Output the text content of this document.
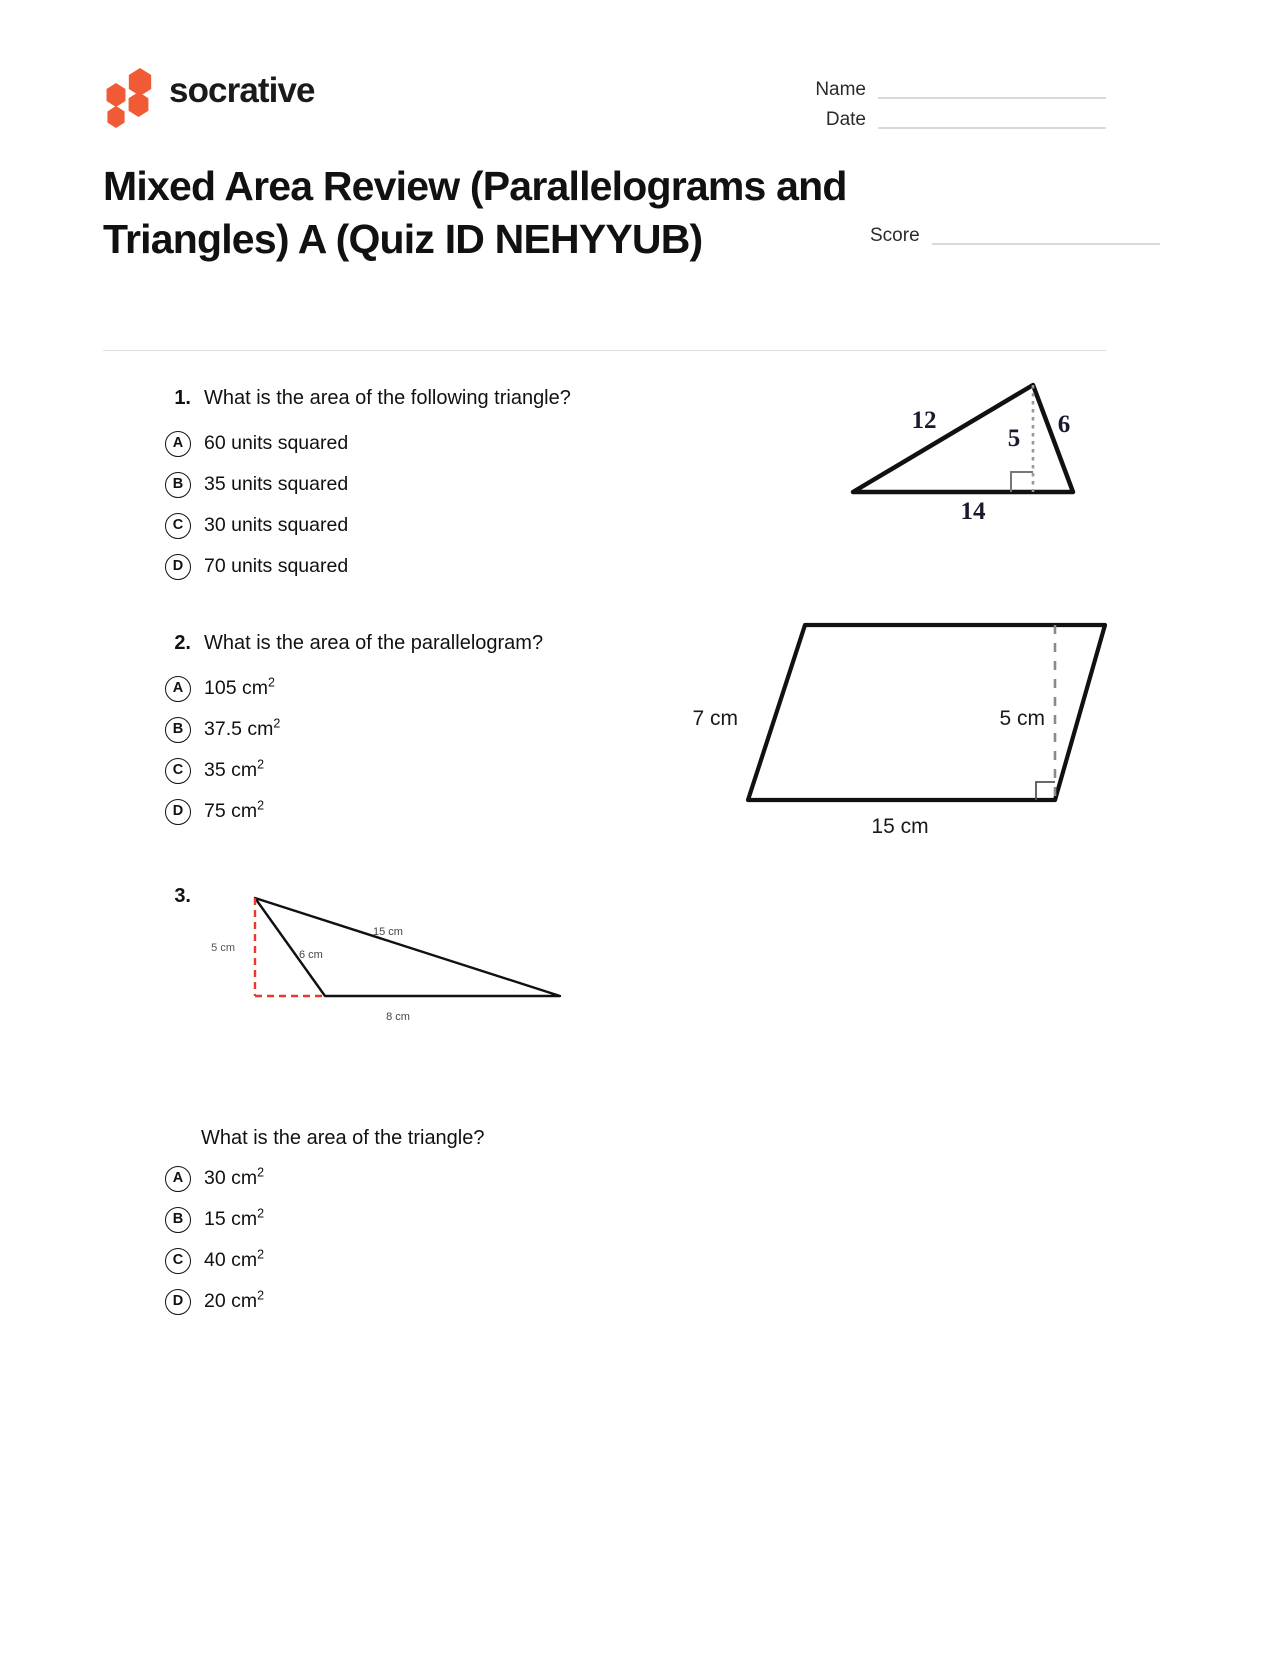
socrative	Name
Date
Mixed Area Review (Parallelograms and Triangles) A (Quiz ID NEHYYUB)	Score
1. What is the area of the following triangle?
A	60 units squared
B	35 units squared
C	30 units squared
D	70 units squared
12
5
6
14
2. What is the area of the parallelogram?
A	105 $cm^2$
B	37.5 $cm^2$
C	35 $cm^2$
D	75 $cm^2$
7 cm	5 cm
15 cm
3.
5 cm
6 cm
15 cm
8 cm
What is the area of the triangle?
A	30 $cm^2$
B	15 $cm^2$
C	40 $cm^2$
D	20 $cm^2$
